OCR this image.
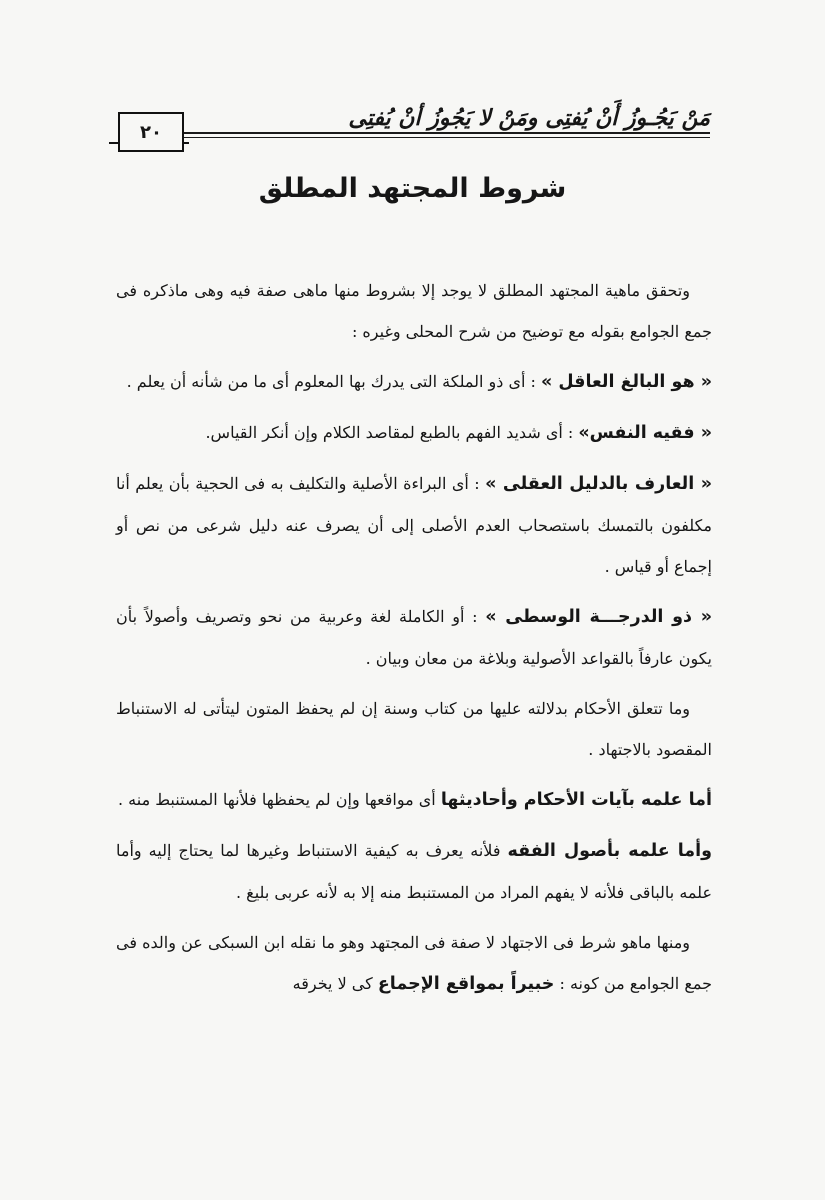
مَنْ يَجُـوزُ أَنْ يُفتِى ومَنْ لا يَجُوزُ أنْ يُفتِى
٢٠
شروط المجتهد المطلق

وتحقق ماهية المجتهد المطلق لا يوجد إلا بشروط منها ماهى صفة فيه وهى ماذكره فى جمع الجوامع بقوله مع توضيح من شرح المحلى وغيره :

« هو البالغ العاقل » : أى ذو الملكة التى يدرك بها المعلوم أى ما من شأنه أن يعلم .

« فقيه النفس» : أى شديد الفهم بالطبع لمقاصد الكلام وإن أنكر القياس.

« العارف بالدليل العقلى » : أى البراءة الأصلية والتكليف به فى الحجية بأن يعلم أنا مكلفون بالتمسك باستصحاب العدم الأصلى إلى أن يصرف عنه دليل شرعى من نص أو إجماع أو قياس .

« ذو الدرجـــة الوسطى » : أو الكاملة لغة وعربية من نحو وتصريف وأصولاً بأن يكون عارفاً بالقواعد الأصولية وبلاغة من معان وبيان .

وما تتعلق الأحكام بدلالته عليها من كتاب وسنة إن لم يحفظ المتون ليتأتى له الاستنباط المقصود بالاجتهاد .

أما علمه بآيات الأحكام وأحاديثها أى مواقعها وإن لم يحفظها فلأنها المستنبط منه .

وأما علمه بأصول الفقه فلأنه يعرف به كيفية الاستنباط وغيرها لما يحتاج إليه وأما علمه بالباقى فلأنه لا يفهم المراد من المستنبط منه إلا به لأنه عربى بليغ .

ومنها ماهو شرط فى الاجتهاد لا صفة فى المجتهد وهو ما نقله ابن السبكى عن والده فى جمع الجوامع من كونه : خبيراً بمواقع الإجماع كى لا يخرقه
